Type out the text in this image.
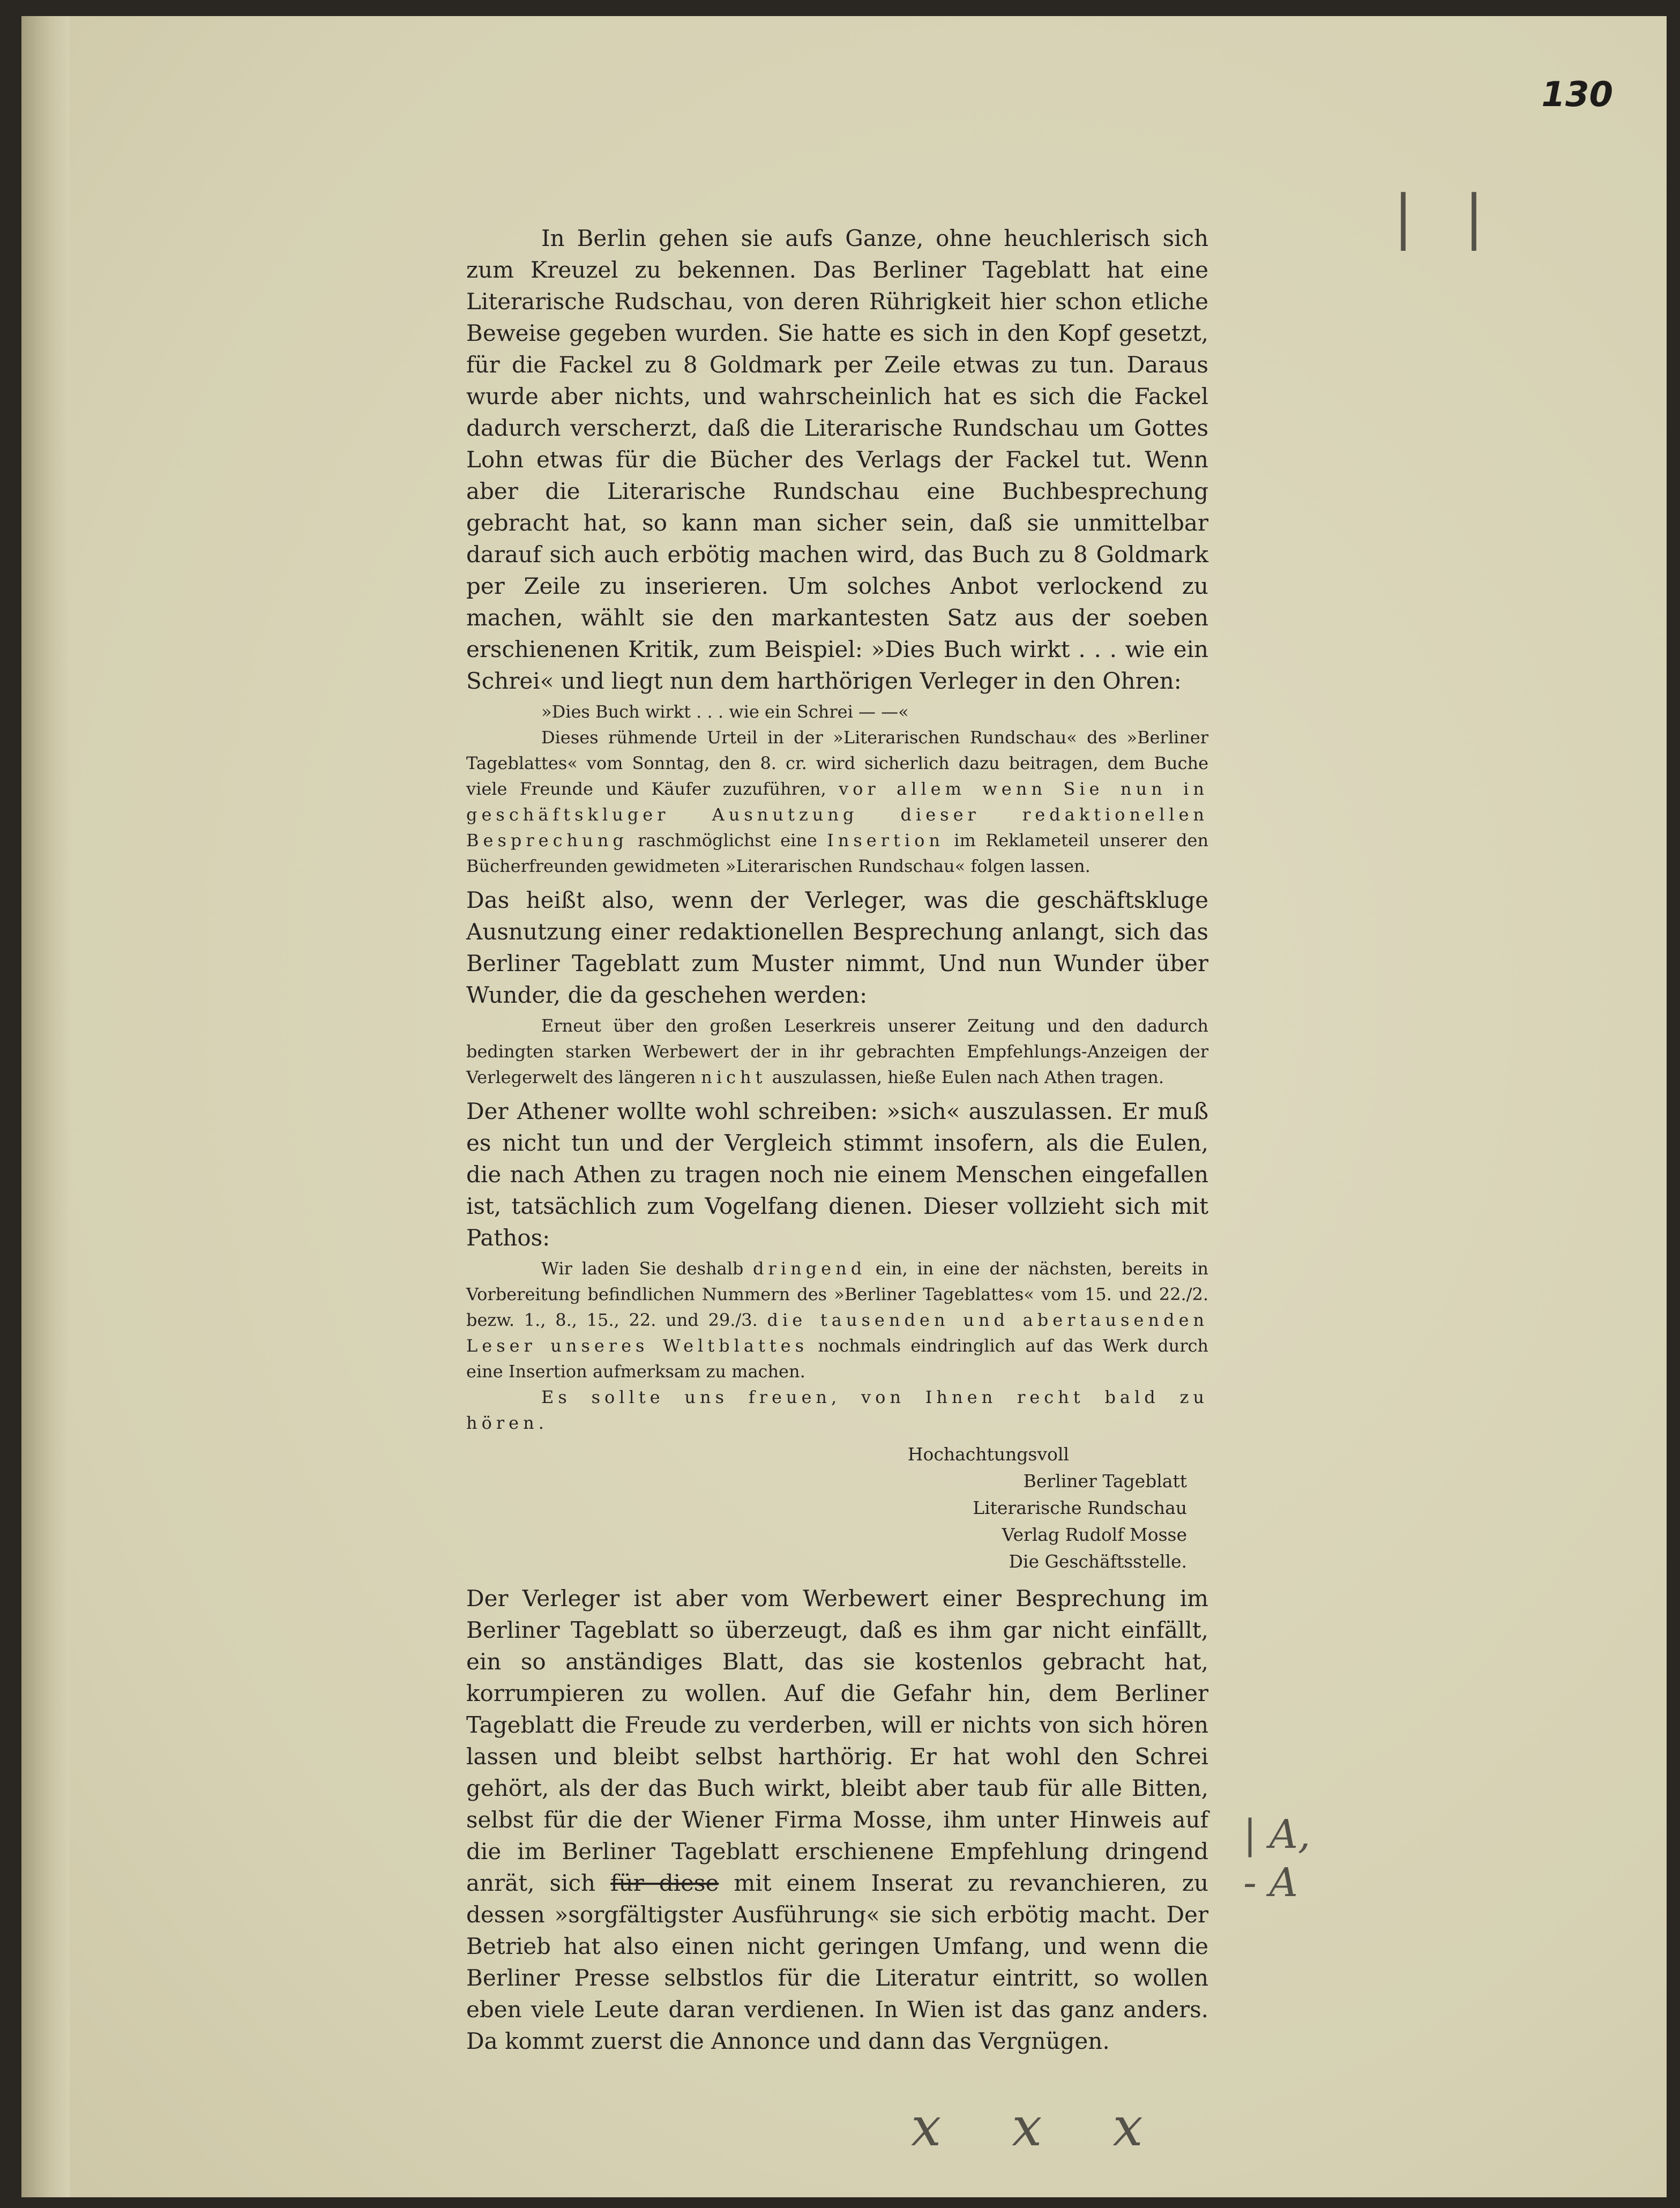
130
| |
| A,
- A
x x x

In Berlin gehen sie aufs Ganze, ohne heuchlerisch sich zum Kreuzel zu bekennen. Das Berliner Tageblatt hat eine Literarische Rudschau, von deren Rührigkeit hier schon etliche Beweise gegeben wurden. Sie hatte es sich in den Kopf gesetzt, für die Fackel zu 8 Goldmark per Zeile etwas zu tun. Daraus wurde aber nichts, und wahrscheinlich hat es sich die Fackel dadurch verscherzt, daß die Literarische Rundschau um Gottes Lohn etwas für die Bücher des Verlags der Fackel tut. Wenn aber die Literarische Rundschau eine Buchbesprechung gebracht hat, so kann man sicher sein, daß sie unmittelbar darauf sich auch erbötig machen wird, das Buch zu 8 Goldmark per Zeile zu inserieren. Um solches Anbot verlockend zu machen, wählt sie den markantesten Satz aus der soeben erschienenen Kritik, zum Beispiel: »Dies Buch wirkt . . . wie ein Schrei« und liegt nun dem harthörigen Verleger in den Ohren:

»Dies Buch wirkt . . . wie ein Schrei — —«
Dieses rühmende Urteil in der »Literarischen Rundschau« des »Berliner Tageblattes« vom Sonntag, den 8. cr. wird sicherlich dazu beitragen, dem Buche viele Freunde und Käufer zuzuführen, vor allem wenn Sie nun in geschäftskluger Ausnutzung dieser redaktionellen Besprechung raschmöglichst eine Insertion im Reklameteil unserer den Bücherfreunden gewidmeten »Literarischen Rundschau« folgen lassen.

Das heißt also, wenn der Verleger, was die geschäftskluge Ausnutzung einer redaktionellen Besprechung anlangt, sich das Berliner Tageblatt zum Muster nimmt, Und nun Wunder über Wunder, die da geschehen werden:

Erneut über den großen Leserkreis unserer Zeitung und den dadurch bedingten starken Werbewert der in ihr gebrachten Empfehlungs-Anzeigen der Verlegerwelt des längeren nicht auszulassen, hieße Eulen nach Athen tragen.

Der Athener wollte wohl schreiben: »sich« auszulassen. Er muß es nicht tun und der Vergleich stimmt insofern, als die Eulen, die nach Athen zu tragen noch nie einem Menschen eingefallen ist, tatsächlich zum Vogelfang dienen. Dieser vollzieht sich mit Pathos:

Wir laden Sie deshalb dringend ein, in eine der nächsten, bereits in Vorbereitung befindlichen Nummern des »Berliner Tageblattes« vom 15. und 22./2. bezw. 1., 8., 15., 22. und 29./3. die tausenden und abertausenden Leser unseres Weltblattes nochmals eindringlich auf das Werk durch eine Insertion aufmerksam zu machen.
Es sollte uns freuen, von Ihnen recht bald zu hören.
Hochachtungsvoll
Berliner Tageblatt
Literarische Rundschau
Verlag Rudolf Mosse
Die Geschäftsstelle.

Der Verleger ist aber vom Werbewert einer Besprechung im Berliner Tageblatt so überzeugt, daß es ihm gar nicht einfällt, ein so anständiges Blatt, das sie kostenlos gebracht hat, korrumpieren zu wollen. Auf die Gefahr hin, dem Berliner Tageblatt die Freude zu verderben, will er nichts von sich hören lassen und bleibt selbst harthörig. Er hat wohl den Schrei gehört, als der das Buch wirkt, bleibt aber taub für alle Bitten, selbst für die der Wiener Firma Mosse, ihm unter Hinweis auf die im Berliner Tageblatt erschienene Empfehlung dringend anrät, sich für diese mit einem Inserat zu revanchieren, zu dessen »sorgfältigster Ausführung« sie sich erbötig macht. Der Betrieb hat also einen nicht geringen Umfang, und wenn die Berliner Presse selbstlos für die Literatur eintritt, so wollen eben viele Leute daran verdienen. In Wien ist das ganz anders. Da kommt zuerst die Annonce und dann das Vergnügen.
